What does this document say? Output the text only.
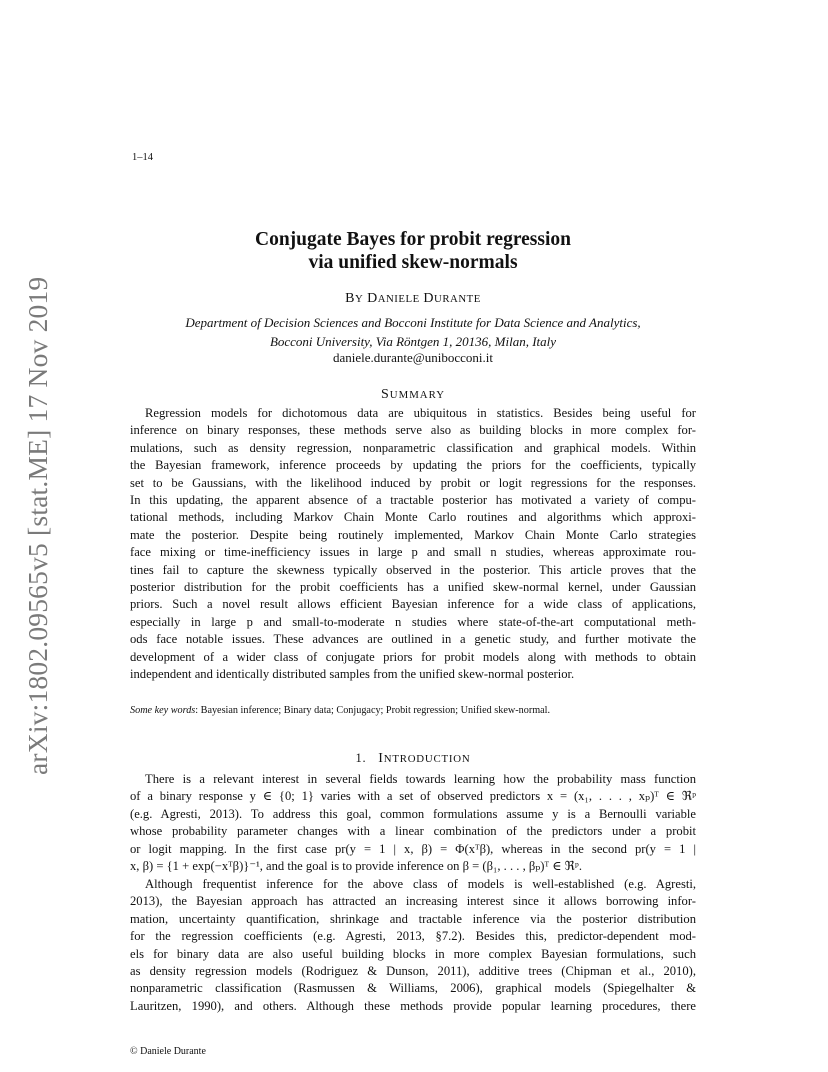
arXiv:1802.09565v5 [stat.ME] 17 Nov 2019
1–14
Conjugate Bayes for probit regression
via unified skew-normals
BY DANIELE DURANTE
Department of Decision Sciences and Bocconi Institute for Data Science and Analytics,
Bocconi University, Via Röntgen 1, 20136, Milan, Italy
daniele.durante@unibocconi.it
SUMMARY
Regression models for dichotomous data are ubiquitous in statistics. Besides being useful for
inference on binary responses, these methods serve also as building blocks in more complex for-
mulations, such as density regression, nonparametric classification and graphical models. Within
the Bayesian framework, inference proceeds by updating the priors for the coefficients, typically
set to be Gaussians, with the likelihood induced by probit or logit regressions for the responses.
In this updating, the apparent absence of a tractable posterior has motivated a variety of compu-
tational methods, including Markov Chain Monte Carlo routines and algorithms which approxi-
mate the posterior. Despite being routinely implemented, Markov Chain Monte Carlo strategies
face mixing or time-inefficiency issues in large p and small n studies, whereas approximate rou-
tines fail to capture the skewness typically observed in the posterior. This article proves that the
posterior distribution for the probit coefficients has a unified skew-normal kernel, under Gaussian
priors. Such a novel result allows efficient Bayesian inference for a wide class of applications,
especially in large p and small-to-moderate n studies where state-of-the-art computational meth-
ods face notable issues. These advances are outlined in a genetic study, and further motivate the
development of a wider class of conjugate priors for probit models along with methods to obtain
independent and identically distributed samples from the unified skew-normal posterior.
Some key words: Bayesian inference; Binary data; Conjugacy; Probit regression; Unified skew-normal.
1. INTRODUCTION
There is a relevant interest in several fields towards learning how the probability mass function
of a binary response y ∈ {0; 1} varies with a set of observed predictors x = (x₁, . . . , xₚ)ᵀ ∈ ℜᵖ
(e.g. Agresti, 2013). To address this goal, common formulations assume y is a Bernoulli variable
whose probability parameter changes with a linear combination of the predictors under a probit
or logit mapping. In the first case pr(y = 1 | x, β) = Φ(xᵀβ), whereas in the second pr(y = 1 |
x, β) = {1 + exp(−xᵀβ)}⁻¹, and the goal is to provide inference on β = (β₁, . . . , βₚ)ᵀ ∈ ℜᵖ.
Although frequentist inference for the above class of models is well-established (e.g. Agresti,
2013), the Bayesian approach has attracted an increasing interest since it allows borrowing infor-
mation, uncertainty quantification, shrinkage and tractable inference via the posterior distribution
for the regression coefficients (e.g. Agresti, 2013, §7.2). Besides this, predictor-dependent mod-
els for binary data are also useful building blocks in more complex Bayesian formulations, such
as density regression models (Rodriguez & Dunson, 2011), additive trees (Chipman et al., 2010),
nonparametric classification (Rasmussen & Williams, 2006), graphical models (Spiegelhalter &
Lauritzen, 1990), and others. Although these methods provide popular learning procedures, there
© Daniele Durante
